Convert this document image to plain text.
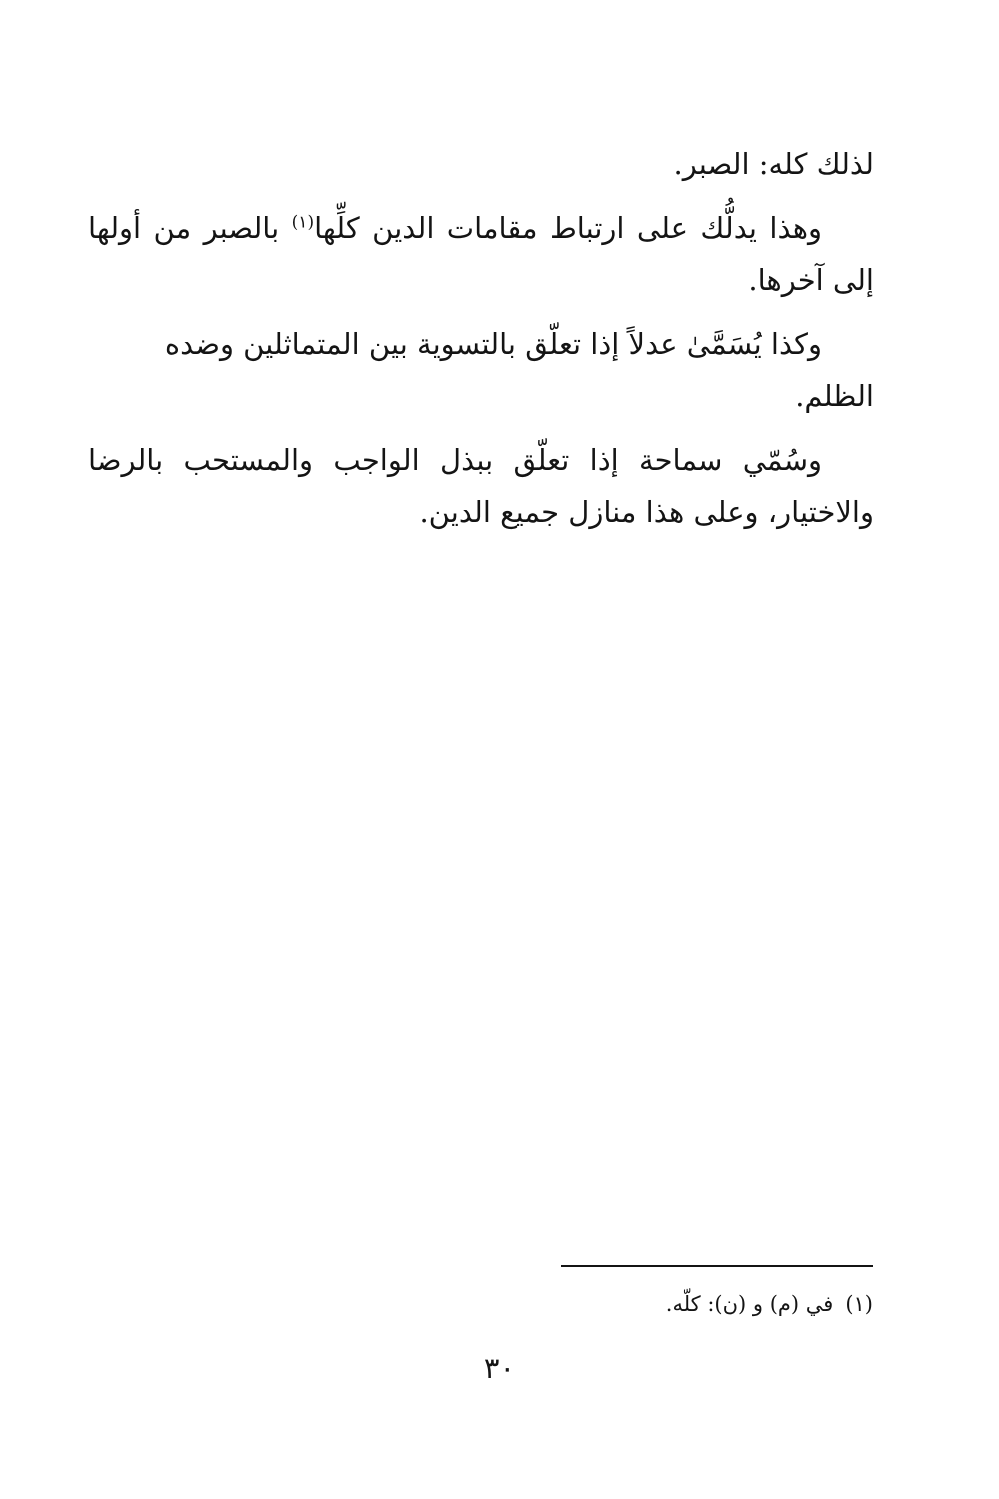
لذلك كله: الصبر.

وهذا يدلُّك على ارتباط مقامات الدين كلِّها$^{(١)}$ بالصبر من أولها إلى آخرها.

وكذا يُسَمَّىٰ عدلاً إذا تعلّق بالتسوية بين المتماثلين وضده الظلم.

وسُمّي سماحة إذا تعلّق ببذل الواجب والمستحب بالرضا والاختيار، وعلى هذا منازل جميع الدين.

(١)في (م) و (ن): كلّه.
٣٠
